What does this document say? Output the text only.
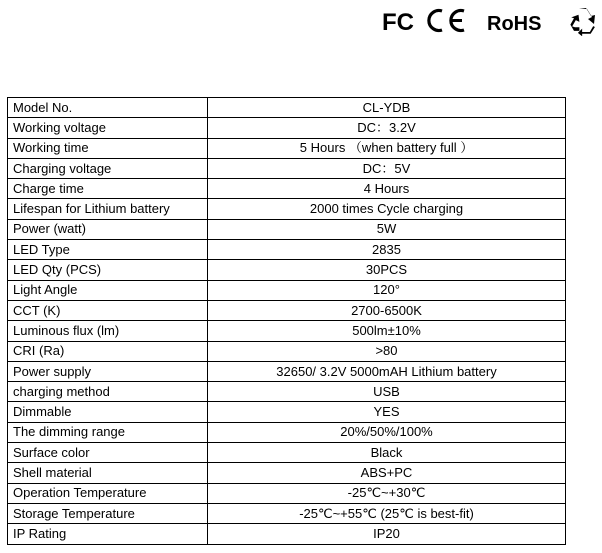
FC	RoHS
Model No.	CL-YDB
Working voltage	DC：3.2V
Working time	5 Hours （when battery full ）
Charging voltage	DC：5V
Charge time	4 Hours
Lifespan for Lithium battery	2000 times Cycle charging
Power (watt)	5W
LED Type	2835
LED Qty (PCS)	30PCS
Light Angle	120°
CCT (K)	2700-6500K
Luminous flux (lm)	500lm±10%
CRI (Ra)	>80
Power supply	32650/ 3.2V 5000mAH Lithium battery
charging method	USB
Dimmable	YES
The dimming range	20%/50%/100%
Surface color	Black
Shell material	ABS+PC
Operation Temperature	-25℃~+30℃
Storage Temperature	-25℃~+55℃ (25℃ is best-fit)
IP Rating	IP20
